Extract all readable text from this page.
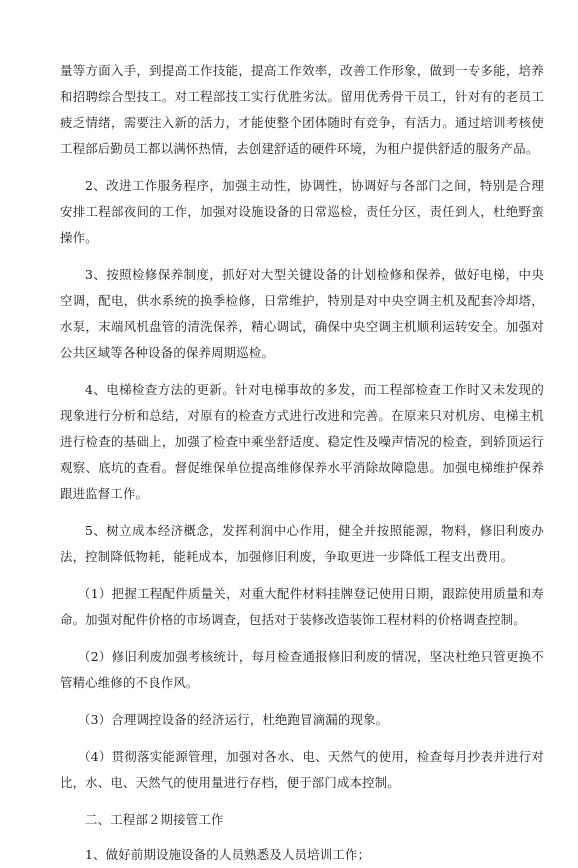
量等方面入手，到提高工作技能，提高工作效率，改善工作形象，做到一专多能，培养和招聘综合型技工。对工程部技工实行优胜劣汰。留用优秀骨干员工，针对有的老员工疲乏情绪，需要注入新的活力，才能使整个团体随时有竞争，有活力。通过培训考核使工程部后勤员工都以满怀热情，去创建舒适的硬件环境，为租户提供舒适的服务产品。

2、改进工作服务程序，加强主动性，协调性，协调好与各部门之间，特别是合理安排工程部夜间的工作，加强对设施设备的日常巡检，责任分区，责任到人，杜绝野蛮操作。

3、按照检修保养制度，抓好对大型关键设备的计划检修和保养，做好电梯，中央空调，配电，供水系统的换季检修，日常维护，特别是对中央空调主机及配套冷却塔，水泵，末端风机盘管的清洗保养，精心调试，确保中央空调主机顺利运转安全。加强对公共区域等各种设备的保养周期巡检。

4、电梯检查方法的更新。针对电梯事故的多发，而工程部检查工作时又未发现的现象进行分析和总结，对原有的检查方式进行改进和完善。在原来只对机房、电梯主机进行检查的基础上，加强了检查中乘坐舒适度、稳定性及噪声情况的检查，到轿顶运行观察、底坑的查看。督促维保单位提高维修保养水平消除故障隐患。加强电梯维护保养跟进监督工作。

5、树立成本经济概念，发挥利润中心作用，健全并按照能源，物料，修旧利废办法，控制降低物耗，能耗成本，加强修旧利废，争取更进一步降低工程支出费用。

（1）把握工程配件质量关，对重大配件材料挂牌登记使用日期，跟踪使用质量和寿命。加强对配件价格的市场调查，包括对于装修改造装饰工程材料的价格调查控制。

（2）修旧利废加强考核统计，每月检查通报修旧利废的情况，坚决杜绝只管更换不管精心维修的不良作风。

（3）合理调控设备的经济运行，杜绝跑冒滴漏的现象。

（4）贯彻落实能源管理，加强对各水、电、天然气的使用，检查每月抄表并进行对比，水、电、天然气的使用量进行存档，便于部门成本控制。

二、工程部２期接管工作

1、做好前期设施设备的人员熟悉及人员培训工作；
